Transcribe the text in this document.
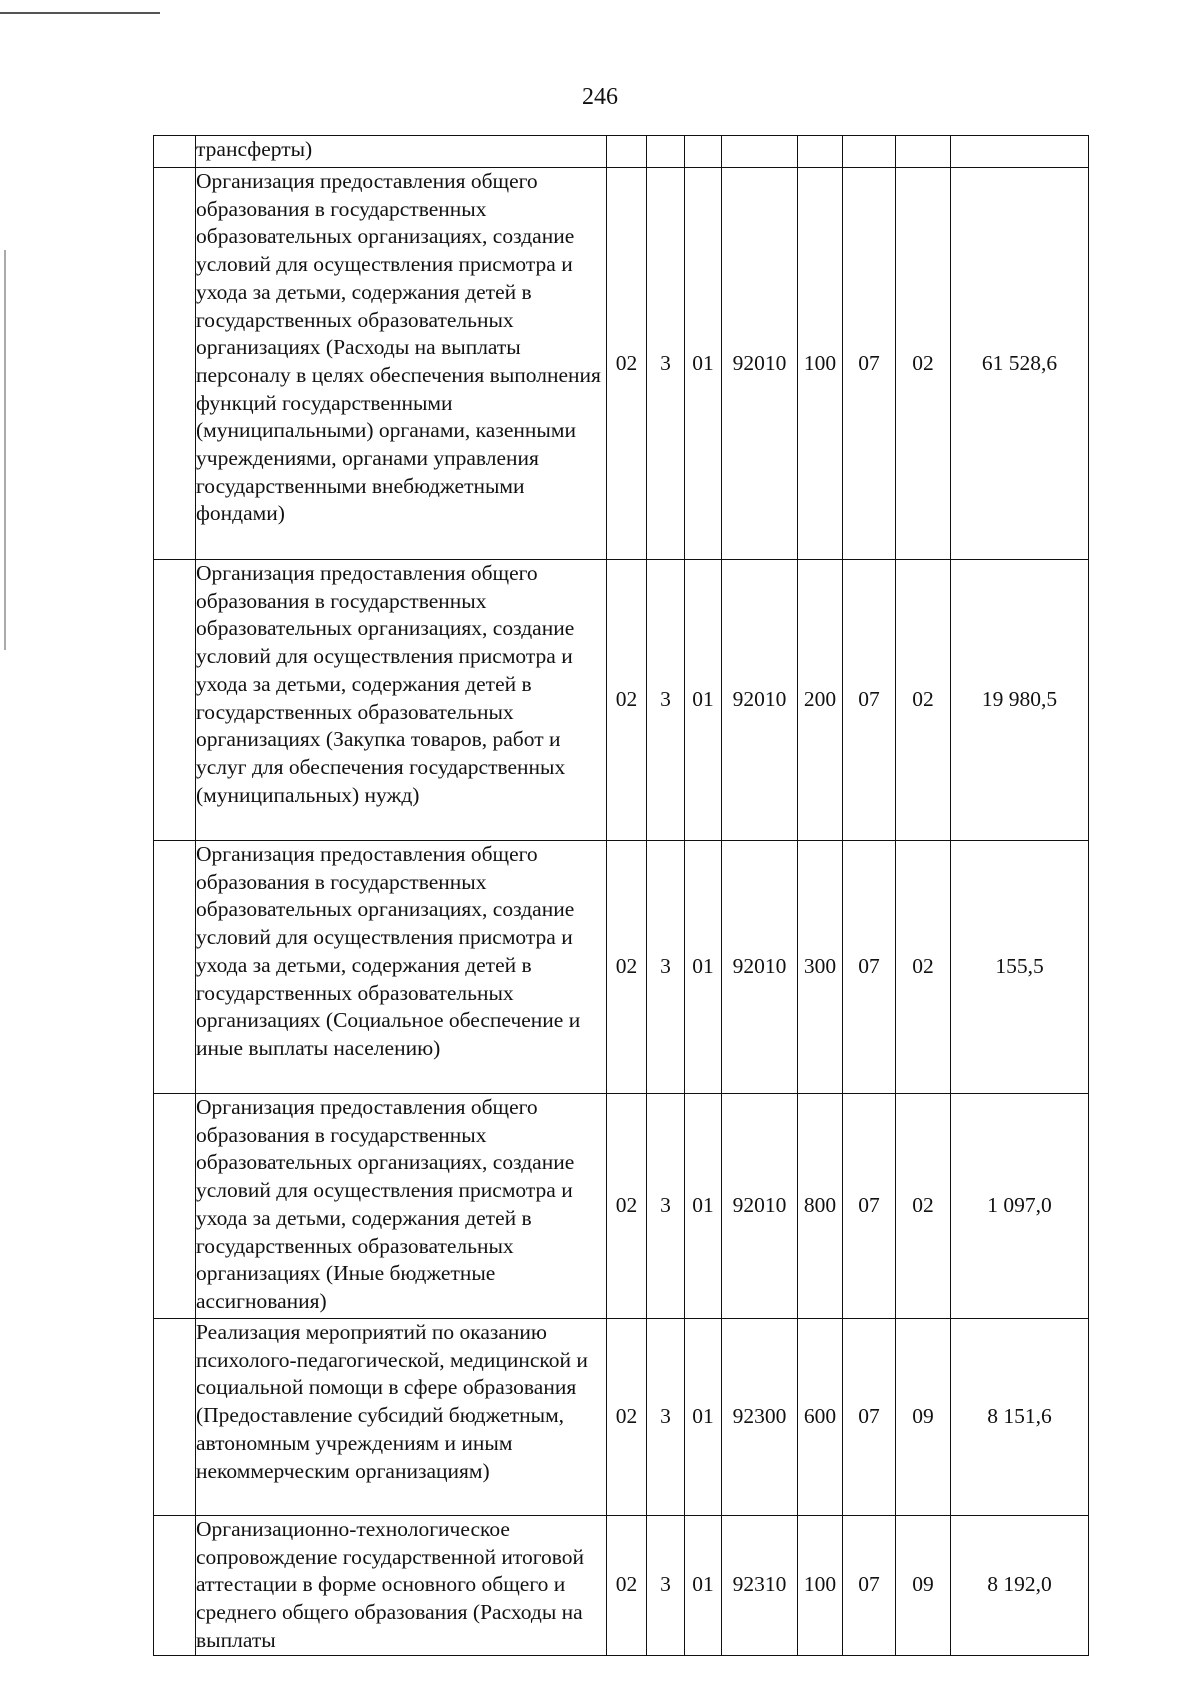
246
	трансферты)								
	Организация предоставления общего образования в государственных образовательных организациях, создание условий для осуществления присмотра и ухода за детьми, содержания детей в государственных образовательных организациях (Расходы на выплаты персоналу в целях обеспечения выполнения функций государственными (муниципальными) органами, казенными учреждениями, органами управления государственными внебюджетными фондами)	02	3	01	92010	100	07	02	61 528,6
	Организация предоставления общего образования в государственных образовательных организациях, создание условий для осуществления присмотра и ухода за детьми, содержания детей в государственных образовательных организациях (Закупка товаров, работ и услуг для обеспечения государственных (муниципальных) нужд)	02	3	01	92010	200	07	02	19 980,5
	Организация предоставления общего образования в государственных образовательных организациях, создание условий для осуществления присмотра и ухода за детьми, содержания детей в государственных образовательных организациях (Социальное обеспечение и иные выплаты населению)	02	3	01	92010	300	07	02	155,5
	Организация предоставления общего образования в государственных образовательных организациях, создание условий для осуществления присмотра и ухода за детьми, содержания детей в государственных образовательных организациях (Иные бюджетные ассигнования)	02	3	01	92010	800	07	02	1 097,0
	Реализация мероприятий по оказанию психолого-педагогической, медицинской и социальной помощи в сфере образования (Предоставление субсидий бюджетным, автономным учреждениям и иным некоммерческим организациям)	02	3	01	92300	600	07	09	8 151,6
	Организационно-технологическое сопровождение государственной итоговой аттестации в форме основного общего и среднего общего образования (Расходы на выплаты	02	3	01	92310	100	07	09	8 192,0
